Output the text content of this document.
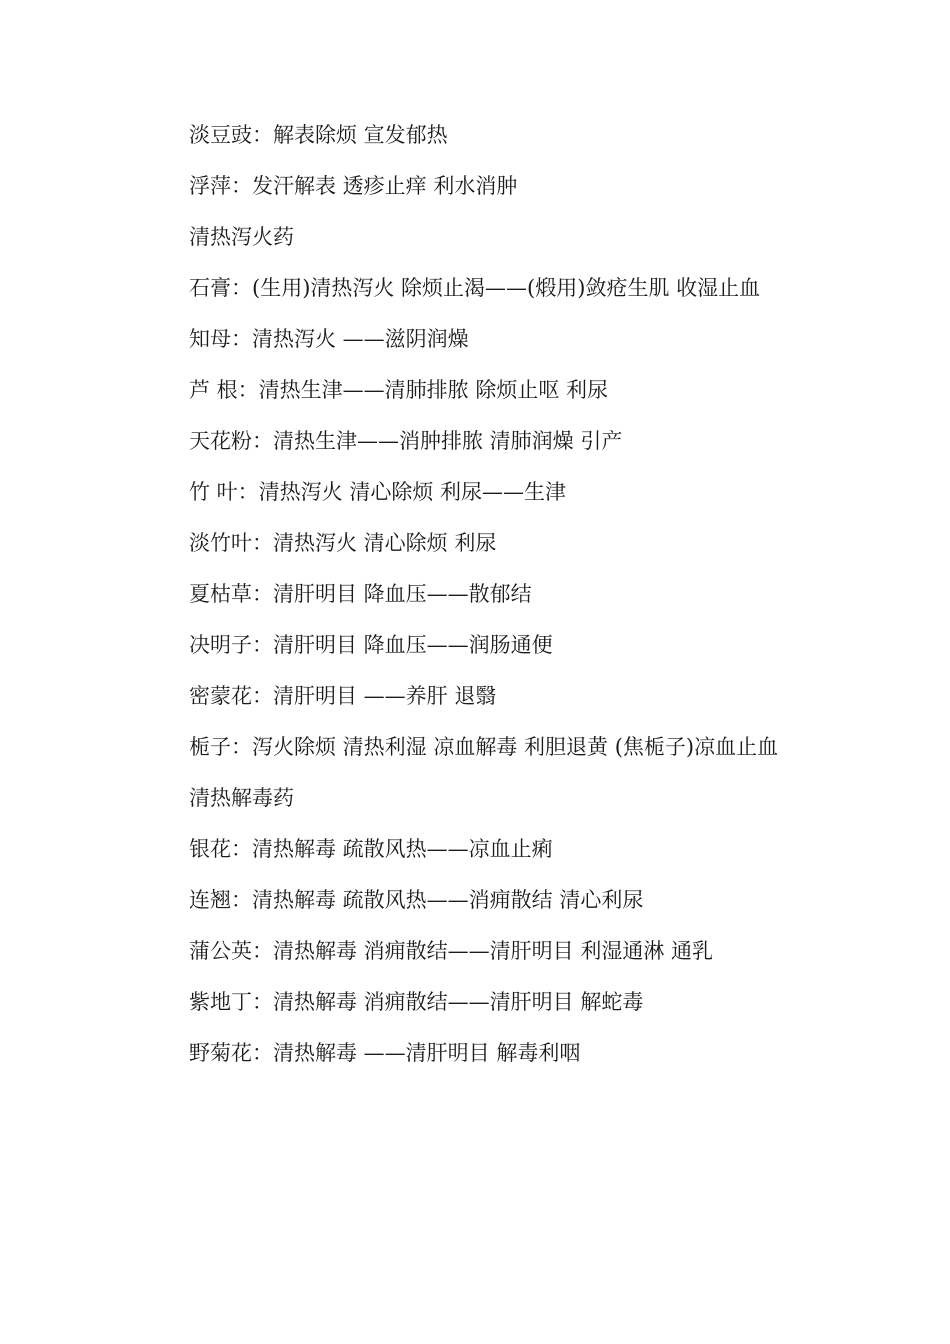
淡豆豉：解表除烦 宣发郁热

浮萍：发汗解表 透疹止痒 利水消肿

清热泻火药

石膏：(生用)清热泻火 除烦止渴——(煅用)敛疮生肌 收湿止血

知母：清热泻火 ——滋阴润燥

芦 根：清热生津——清肺排脓 除烦止呕 利尿

天花粉：清热生津——消肿排脓 清肺润燥 引产

竹 叶：清热泻火 清心除烦 利尿——生津

淡竹叶：清热泻火 清心除烦 利尿

夏枯草：清肝明目 降血压——散郁结

决明子：清肝明目 降血压——润肠通便

密蒙花：清肝明目 ——养肝 退翳

栀子：泻火除烦 清热利湿 凉血解毒 利胆退黄 (焦栀子)凉血止血

清热解毒药

银花：清热解毒 疏散风热——凉血止痢

连翘：清热解毒 疏散风热——消痈散结 清心利尿

蒲公英：清热解毒 消痈散结——清肝明目 利湿通淋 通乳

紫地丁：清热解毒 消痈散结——清肝明目 解蛇毒

野菊花：清热解毒 ——清肝明目 解毒利咽
